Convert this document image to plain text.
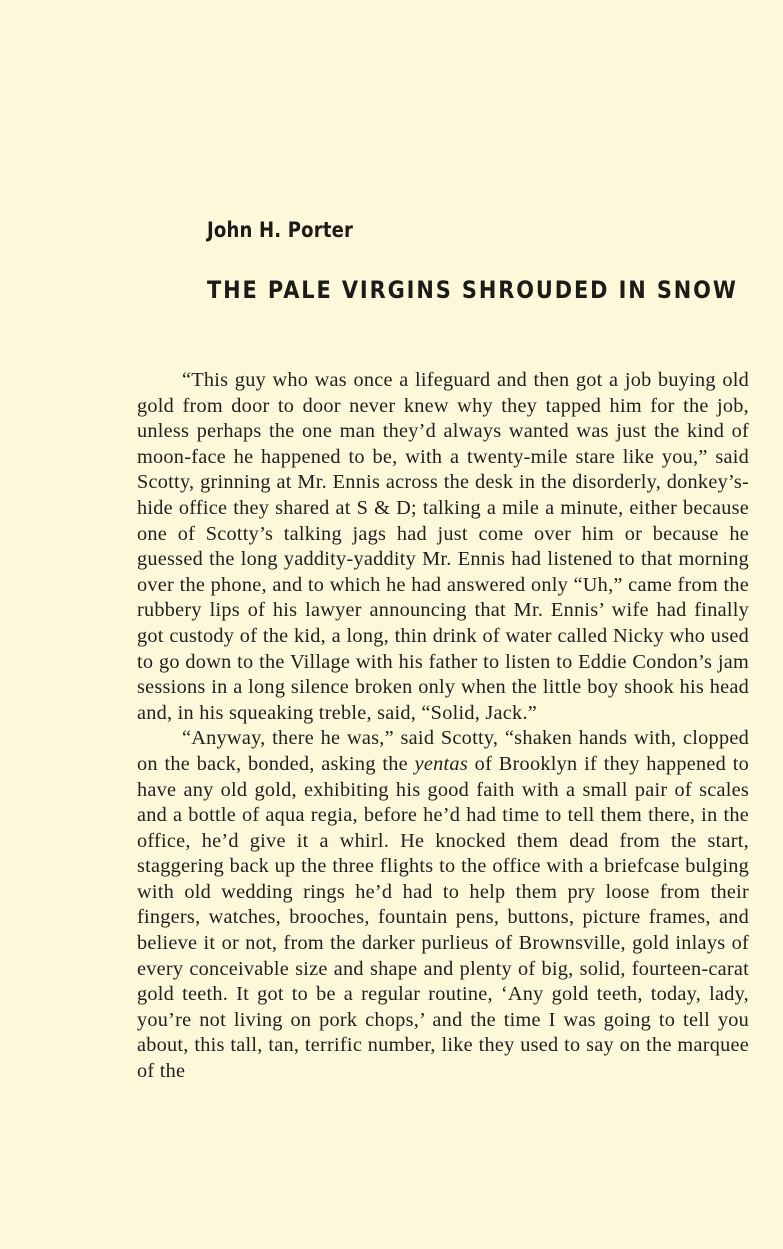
John H. Porter
THE PALE VIRGINS SHROUDED IN SNOW

“This guy who was once a lifeguard and then got a job buying old gold from door to door never knew why they tapped him for the job, unless perhaps the one man they’d always wanted was just the kind of moon-face he happened to be, with a twenty-mile stare like you,” said Scotty, grinning at Mr. Ennis across the desk in the disorderly, donkey’s-hide office they shared at S & D; talking a mile a minute, either because one of Scotty’s talking jags had just come over him or because he guessed the long yaddity-yaddity Mr. Ennis had listened to that morning over the phone, and to which he had answered only “Uh,” came from the rubbery lips of his lawyer announcing that Mr. Ennis’ wife had finally got custody of the kid, a long, thin drink of water called Nicky who used to go down to the Village with his father to listen to Eddie Condon’s jam sessions in a long silence broken only when the little boy shook his head and, in his squeaking treble, said, “Solid, Jack.”

“Anyway, there he was,” said Scotty, “shaken hands with, clopped on the back, bonded, asking the yentas of Brooklyn if they happened to have any old gold, exhibiting his good faith with a small pair of scales and a bottle of aqua regia, before he’d had time to tell them there, in the office, he’d give it a whirl. He knocked them dead from the start, staggering back up the three flights to the office with a briefcase bulging with old wedding rings he’d had to help them pry loose from their fingers, watches, brooches, fountain pens, buttons, picture frames, and believe it or not, from the darker purlieus of Brownsville, gold inlays of every conceivable size and shape and plenty of big, solid, fourteen-carat gold teeth. It got to be a regular routine, ‘Any gold teeth, today, lady, you’re not living on pork chops,’ and the time I was going to tell you about, this tall, tan, terrific number, like they used to say on the marquee of the
